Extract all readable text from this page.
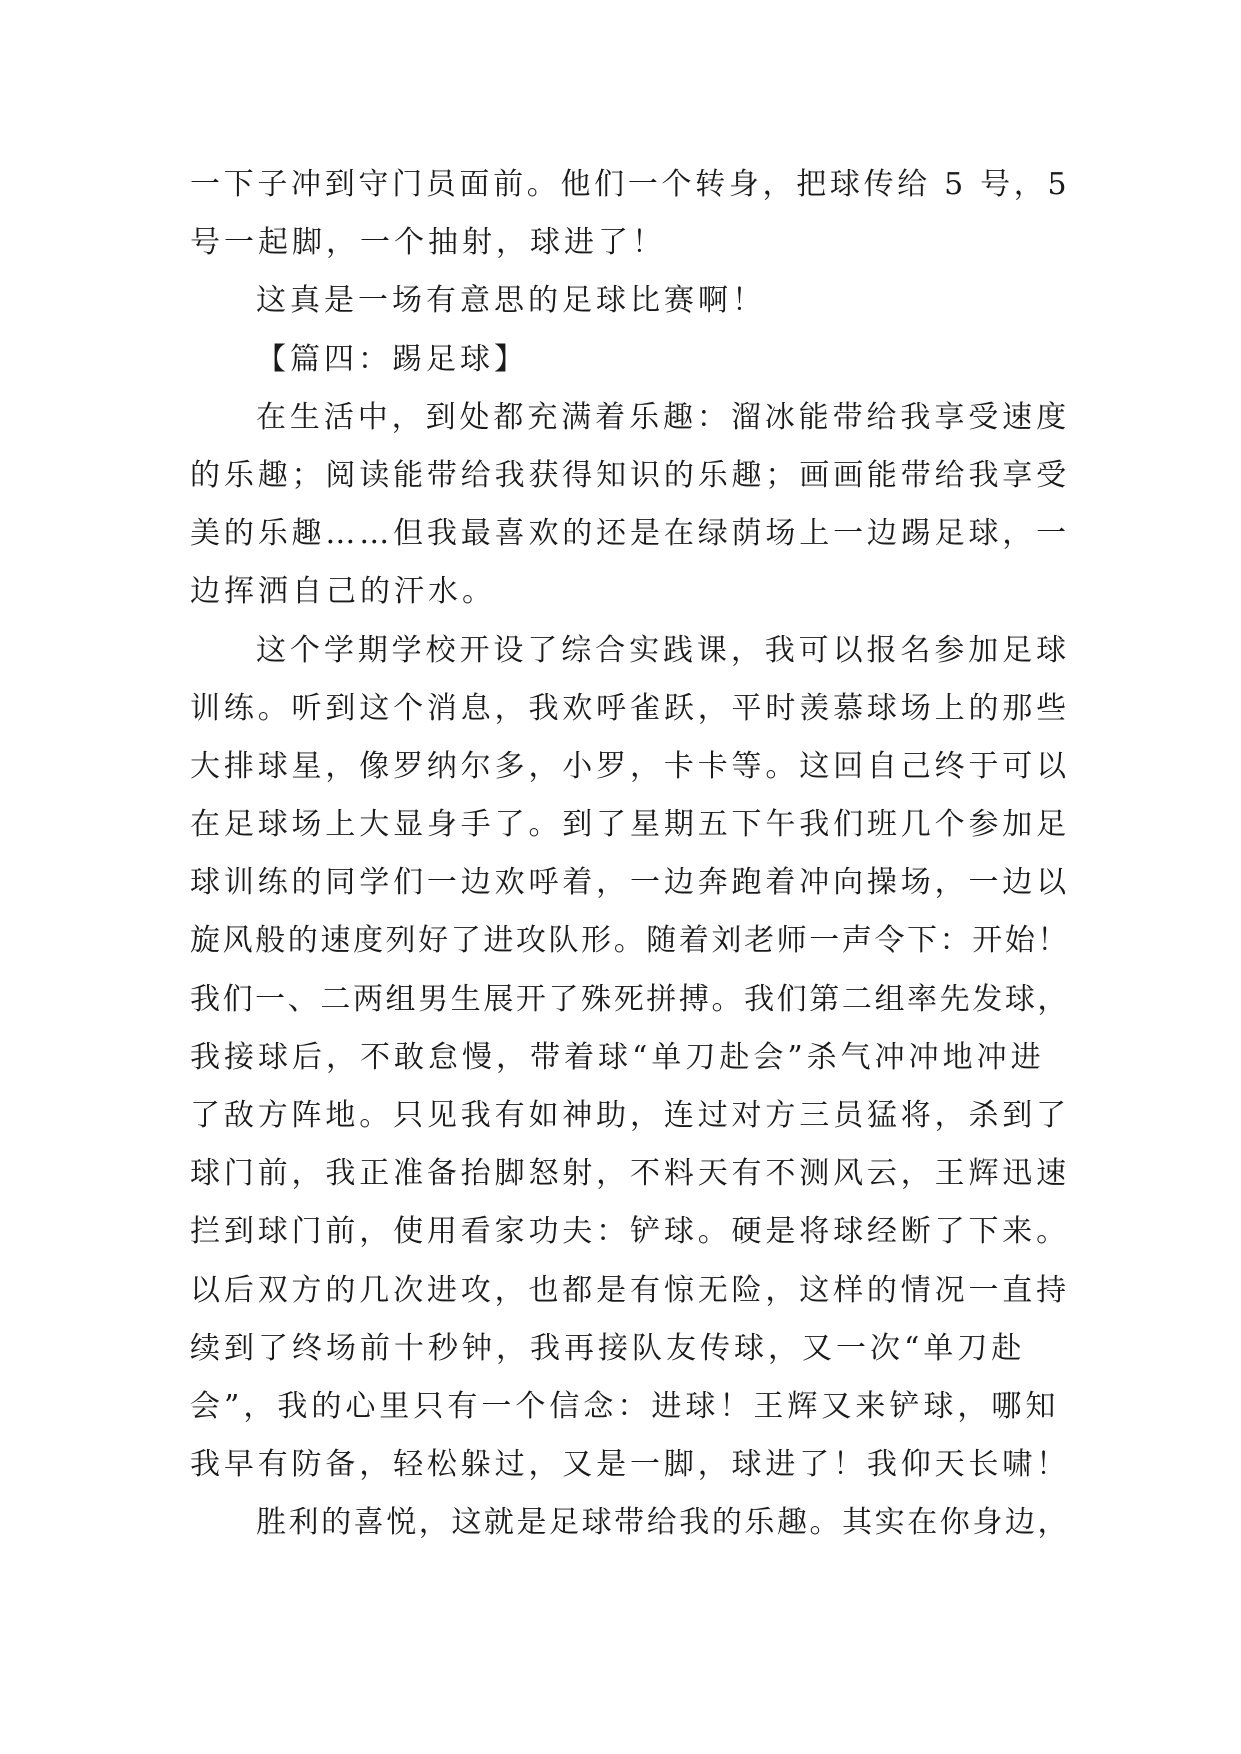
一下子冲到守门员面前。他们一个转身，把球传给 5 号，5
号一起脚，一个抽射，球进了！
这真是一场有意思的足球比赛啊！
【篇四：踢足球】
在生活中，到处都充满着乐趣：溜冰能带给我享受速度
的乐趣；阅读能带给我获得知识的乐趣；画画能带给我享受
美的乐趣……但我最喜欢的还是在绿荫场上一边踢足球，一
边挥洒自己的汗水。
这个学期学校开设了综合实践课，我可以报名参加足球
训练。听到这个消息，我欢呼雀跃，平时羡慕球场上的那些
大排球星，像罗纳尔多，小罗，卡卡等。这回自己终于可以
在足球场上大显身手了。到了星期五下午我们班几个参加足
球训练的同学们一边欢呼着，一边奔跑着冲向操场，一边以
旋风般的速度列好了进攻队形。随着刘老师一声令下：开始！
我们一、二两组男生展开了殊死拼搏。我们第二组率先发球，
我接球后，不敢怠慢，带着球“单刀赴会”杀气冲冲地冲进
了敌方阵地。只见我有如神助，连过对方三员猛将，杀到了
球门前，我正准备抬脚怒射，不料天有不测风云，王辉迅速
拦到球门前，使用看家功夫：铲球。硬是将球经断了下来。
以后双方的几次进攻，也都是有惊无险，这样的情况一直持
续到了终场前十秒钟，我再接队友传球，又一次“单刀赴
会”，我的心里只有一个信念：进球！王辉又来铲球，哪知
我早有防备，轻松躲过，又是一脚，球进了！我仰天长啸！
胜利的喜悦，这就是足球带给我的乐趣。其实在你身边，
